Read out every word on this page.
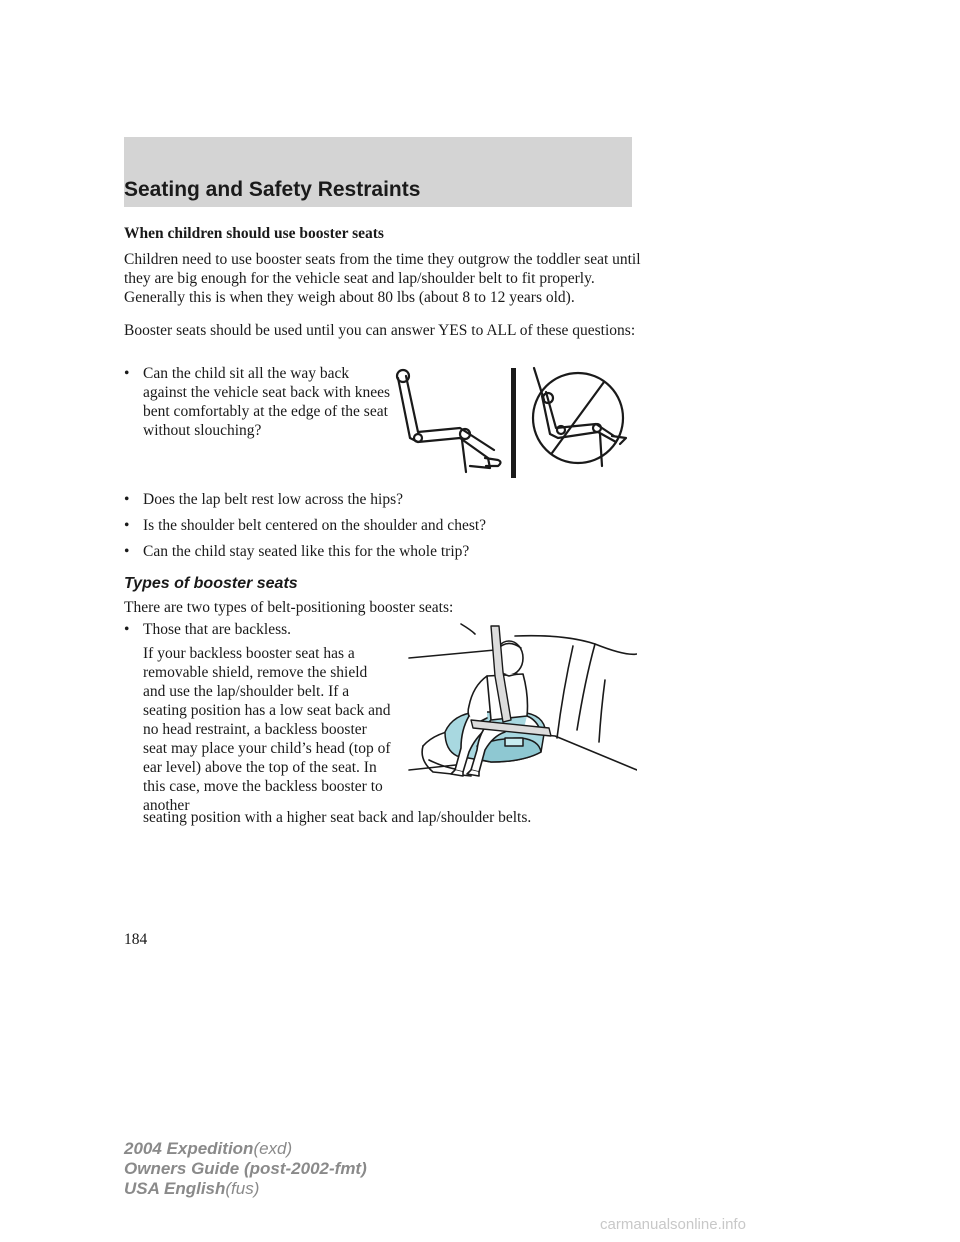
Seating and Safety Restraints

When children should use booster seats

Children need to use booster seats from the time they outgrow the toddler seat until they are big enough for the vehicle seat and lap/shoulder belt to fit properly. Generally this is when they weigh about 80 lbs (about 8 to 12 years old).

Booster seats should be used until you can answer YES to ALL of these questions:

• Can the child sit all the way back against the vehicle seat back with knees bent comfortably at the edge of the seat without slouching?
• Does the lap belt rest low across the hips?
• Is the shoulder belt centered on the shoulder and chest?
• Can the child stay seated like this for the whole trip?
Types of booster seats

There are two types of belt-positioning booster seats:

• Those that are backless.
If your backless booster seat has a removable shield, remove the shield and use the lap/shoulder belt. If a seating position has a low seat back and no head restraint, a backless booster seat may place your child’s head (top of ear level) above the top of the seat. In this case, move the backless booster to another
seating position with a higher seat back and lap/shoulder belts.
184
2004 Expedition(exd)
Owners Guide (post-2002-fmt)
USA English(fus)
carmanualsonline.info
